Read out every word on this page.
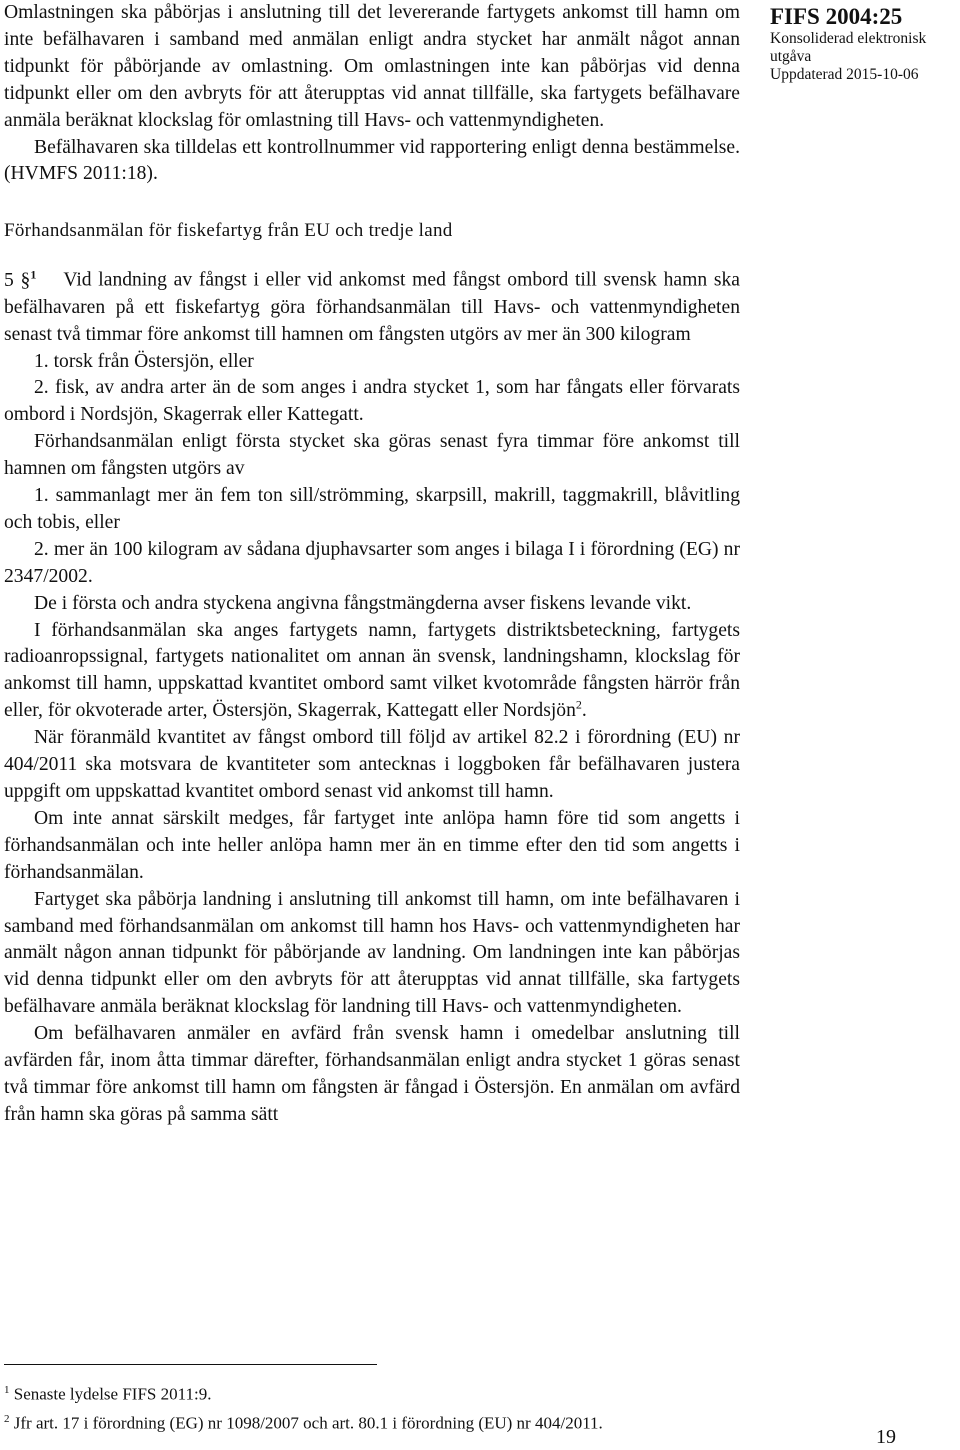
Omlastningen ska påbörjas i anslutning till det levererande fartygets ankomst till hamn om inte befälhavaren i samband med anmälan enligt andra stycket har anmält något annan tidpunkt för påbörjande av omlastning. Om omlastningen inte kan påbörjas vid denna tidpunkt eller om den avbryts för att återupptas vid annat tillfälle, ska fartygets befälhavare anmäla beräknat klockslag för omlastning till Havs- och vattenmyndigheten.

Befälhavaren ska tilldelas ett kontrollnummer vid rapportering enligt denna bestämmelse. (HVMFS 2011:18).

Förhandsanmälan för fiskefartyg från EU och tredje land

5 §$^1$ Vid landning av fångst i eller vid ankomst med fångst ombord till svensk hamn ska befälhavaren på ett fiskefartyg göra förhandsanmälan till Havs- och vattenmyndigheten senast två timmar före ankomst till hamnen om fångsten utgörs av mer än 300 kilogram

1. torsk från Östersjön, eller

2. fisk, av andra arter än de som anges i andra stycket 1, som har fångats eller förvarats ombord i Nordsjön, Skagerrak eller Kattegatt.

Förhandsanmälan enligt första stycket ska göras senast fyra timmar före ankomst till hamnen om fångsten utgörs av

1. sammanlagt mer än fem ton sill/strömming, skarpsill, makrill, taggmakrill, blåvitling och tobis, eller

2. mer än 100 kilogram av sådana djuphavsarter som anges i bilaga I i förordning (EG) nr 2347/2002.

De i första och andra styckena angivna fångstmängderna avser fiskens levande vikt.

I förhandsanmälan ska anges fartygets namn, fartygets distriktsbeteckning, fartygets radioanropssignal, fartygets nationalitet om annan än svensk, landningshamn, klockslag för ankomst till hamn, uppskattad kvantitet ombord samt vilket kvotområde fångsten härrör från eller, för okvoterade arter, Östersjön, Skagerrak, Kattegatt eller Nordsjön$^2$.

När föranmäld kvantitet av fångst ombord till följd av artikel 82.2 i förordning (EU) nr 404/2011 ska motsvara de kvantiteter som antecknas i loggboken får befälhavaren justera uppgift om uppskattad kvantitet ombord senast vid ankomst till hamn.

Om inte annat särskilt medges, får fartyget inte anlöpa hamn före tid som angetts i förhandsanmälan och inte heller anlöpa hamn mer än en timme efter den tid som angetts i förhandsanmälan.

Fartyget ska påbörja landning i anslutning till ankomst till hamn, om inte befälhavaren i samband med förhandsanmälan om ankomst till hamn hos Havs- och vattenmyndigheten har anmält någon annan tidpunkt för påbörjande av landning. Om landningen inte kan påbörjas vid denna tidpunkt eller om den avbryts för att återupptas vid annat tillfälle, ska fartygets befälhavare anmäla beräknat klockslag för landning till Havs- och vattenmyndigheten.

Om befälhavaren anmäler en avfärd från svensk hamn i omedelbar anslutning till avfärden får, inom åtta timmar därefter, förhandsanmälan enligt andra stycket 1 göras senast två timmar före ankomst till hamn om fångsten är fångad i Östersjön. En anmälan om avfärd från hamn ska göras på samma sätt

FIFS 2004:25
Konsoliderad elektronisk
utgåva
Uppdaterad 2015-10-06

$^1$ Senaste lydelse FIFS 2011:9.

$^2$ Jfr art. 17 i förordning (EG) nr 1098/2007 och art. 80.1 i förordning (EU) nr 404/2011.

19
